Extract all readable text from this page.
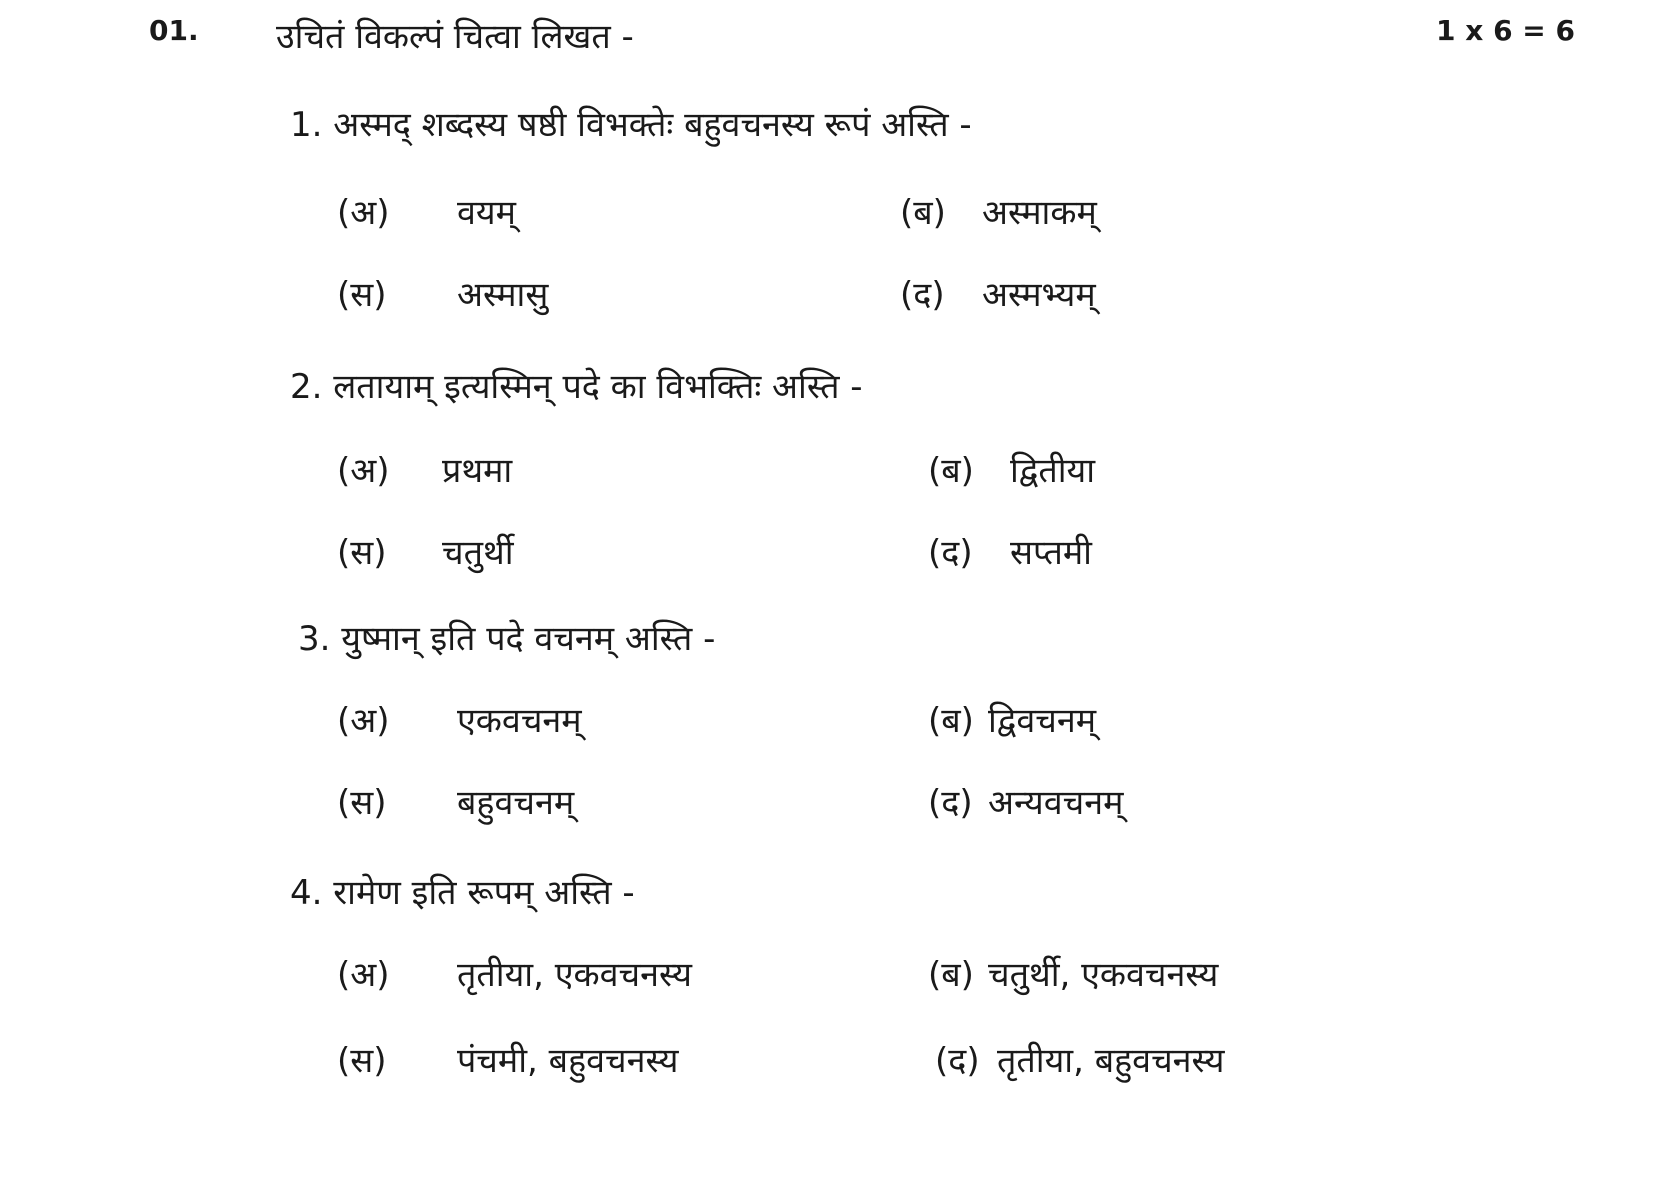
01. उचितं विकल्पं चित्वा लिखत -	1 x 6 = 6
1. अस्मद् शब्दस्य षष्ठी विभक्तेः बहुवचनस्य रूपं अस्ति -
(अ) वयम्	(ब) अस्माकम्
(स) अस्मासु	(द) अस्मभ्यम्
2. लतायाम् इत्यस्मिन् पदे का विभक्तिः अस्ति -
(अ) प्रथमा	(ब) द्वितीया
(स) चतुर्थी	(द) सप्तमी
3. युष्मान् इति पदे वचनम् अस्ति -
(अ) एकवचनम्	(ब) द्विवचनम्
(स) बहुवचनम्	(द) अन्यवचनम्
4. रामेण इति रूपम् अस्ति -
(अ) तृतीया, एकवचनस्य	(ब) चतुर्थी, एकवचनस्य
(स) पंचमी, बहुवचनस्य	(द) तृतीया, बहुवचनस्य
